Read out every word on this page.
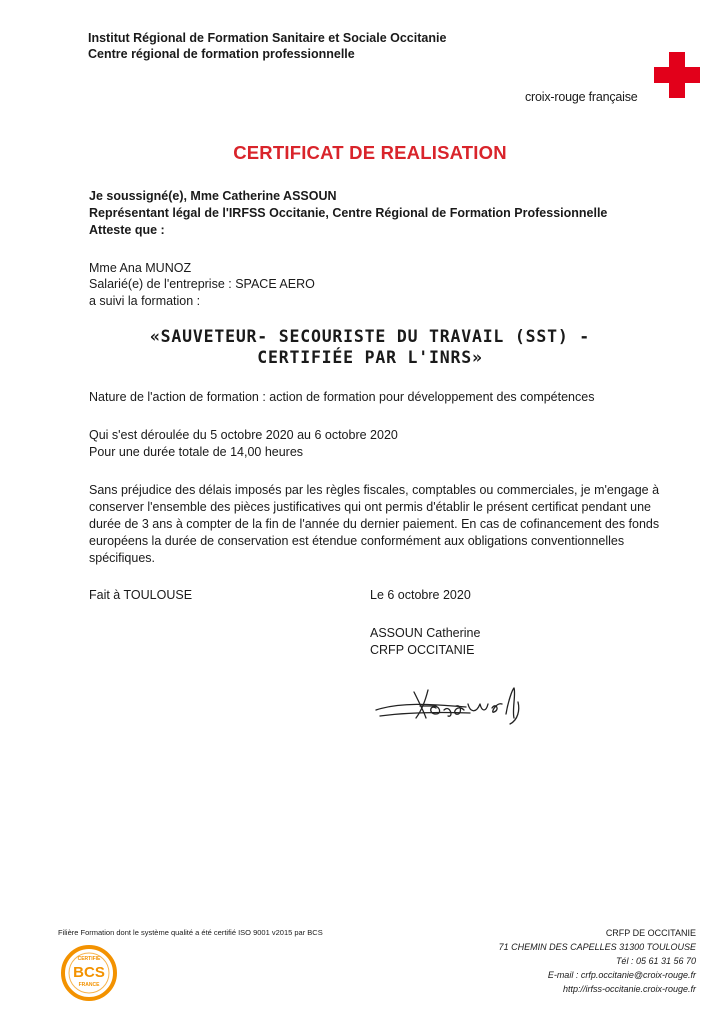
Institut Régional de Formation Sanitaire et Sociale Occitanie
Centre régional de formation professionnelle
croix-rouge française
CERTIFICAT DE REALISATION
Je soussigné(e), Mme Catherine ASSOUN
Représentant légal de l'IRFSS Occitanie, Centre Régional de Formation Professionnelle
Atteste que :
Mme Ana MUNOZ
Salarié(e) de l'entreprise : SPACE AERO
a suivi la formation :
«SAUVETEUR- SECOURISTE DU TRAVAIL (SST) -
CERTIFIÉE PAR L'INRS»
Nature de l'action de formation : action de formation pour développement des compétences
Qui s'est déroulée du 5 octobre 2020 au 6 octobre 2020
Pour une durée totale de 14,00 heures
Sans préjudice des délais imposés par les règles fiscales, comptables ou commerciales, je m'engage à conserver l'ensemble des pièces justificatives qui ont permis d'établir le présent certificat pendant une durée de 3 ans à compter de la fin de l'année du dernier paiement. En cas de cofinancement des fonds européens la durée de conservation est étendue conformément aux obligations conventionnelles spécifiques.
Fait à TOULOUSE	Le 6 octobre 2020
ASSOUN Catherine
CRFP OCCITANIE
Filière Formation dont le système qualité a été certifié ISO 9001 v2015 par BCS
CERTIFIE
BCS
FRANCE
CRFP DE OCCITANIE
71 CHEMIN DES CAPELLES 31300 TOULOUSE
Tél : 05 61 31 56 70
E-mail : crfp.occitanie@croix-rouge.fr
http://irfss-occitanie.croix-rouge.fr
